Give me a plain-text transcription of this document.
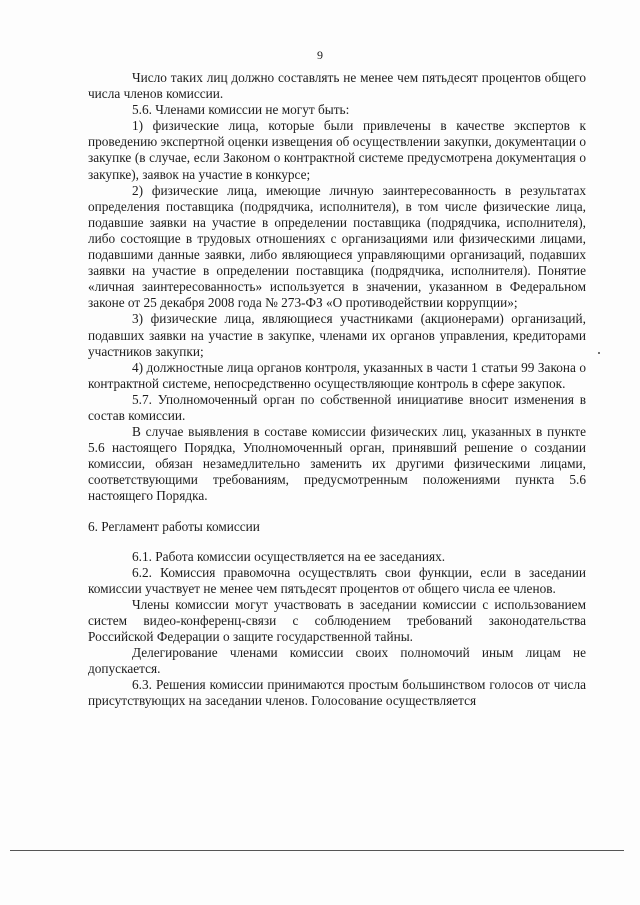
9

Число таких лиц должно составлять не менее чем пятьдесят процентов общего числа членов комиссии.

5.6. Членами комиссии не могут быть:

1) физические лица, которые были привлечены в качестве экспертов к проведению экспертной оценки извещения об осуществлении закупки, документации о закупке (в случае, если Законом о контрактной системе предусмотрена документация о закупке), заявок на участие в конкурсе;

2) физические лица, имеющие личную заинтересованность в результатах определения поставщика (подрядчика, исполнителя), в том числе физические лица, подавшие заявки на участие в определении поставщика (подрядчика, исполнителя), либо состоящие в трудовых отношениях с организациями или физическими лицами, подавшими данные заявки, либо являющиеся управляющими организаций, подавших заявки на участие в определении поставщика (подрядчика, исполнителя). Понятие «личная заинтересованность» используется в значении, указанном в Федеральном законе от 25 декабря 2008 года № 273-ФЗ «О противодействии коррупции»;

3) физические лица, являющиеся участниками (акционерами) организаций, подавших заявки на участие в закупке, членами их органов управления, кредиторами участников закупки;

4) должностные лица органов контроля, указанных в части 1 статьи 99 Закона о контрактной системе, непосредственно осуществляющие контроль в сфере закупок.

5.7. Уполномоченный орган по собственной инициативе вносит изменения в состав комиссии.

В случае выявления в составе комиссии физических лиц, указанных в пункте 5.6 настоящего Порядка, Уполномоченный орган, принявший решение о создании комиссии, обязан незамедлительно заменить их другими физическими лицами, соответствующими требованиям, предусмотренным положениями пункта 5.6 настоящего Порядка.

6. Регламент работы комиссии

6.1. Работа комиссии осуществляется на ее заседаниях.

6.2. Комиссия правомочна осуществлять свои функции, если в заседании комиссии участвует не менее чем пятьдесят процентов от общего числа ее членов.

Члены комиссии могут участвовать в заседании комиссии с использованием систем видео-конференц-связи с соблюдением требований законодательства Российской Федерации о защите государственной тайны.

Делегирование членами комиссии своих полномочий иным лицам не допускается.

6.3. Решения комиссии принимаются простым большинством голосов от числа присутствующих на заседании членов. Голосование осуществляется
